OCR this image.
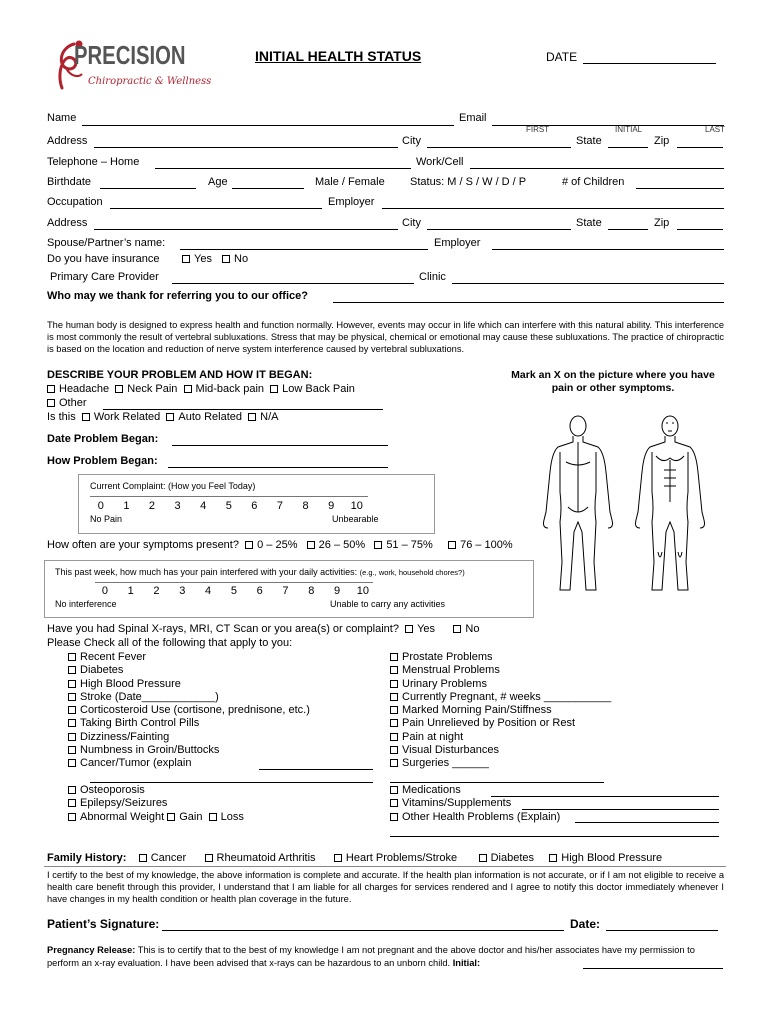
PRECISION
Chiropractic & Wellness
INITIAL HEALTH STATUS	DATE
Name	Email
FIRST	INITIAL	LAST
Address	City	State	Zip
Telephone – Home	Work/Cell
Birthdate	Age	Male / Female Status: M / S / W / D / P	# of Children
Occupation	Employer
Address	City	State	Zip
Spouse/Partner’s name:	Employer
Do you have insurance	Yes	No
Primary Care Provider	Clinic
Who may we thank for referring you to our office?
The human body is designed to express health and function normally. However, events may occur in life which can interfere with this natural ability. This interference is most commonly the result of vertebral subluxations. Stress that may be physical, chemical or emotional may cause these subluxations. The practice of chiropractic is based on the location and reduction of nerve system interference caused by vertebral subluxations.
DESCRIBE YOUR PROBLEM AND HOW IT BEGAN:
Headache Neck Pain Mid-back pain Low Back Pain
Other
Is this Work Related Auto Related N/A
Date Problem Began:
How Problem Began:
Mark an X on the picture where you have pain or other symptoms.
Current Complaint: (How you Feel Today)
0 1 2 3 4 5 6 7 8 9 10
No Pain	Unbearable
How often are your symptoms present? 0 – 25% 26 – 50% 51 – 75% 76 – 100%
This past week, how much has your pain interfered with your daily activities: (e.g., work, household chores?)
0 1 2 3 4 5 6 7 8 9 10
No interference	Unable to carry any activities
Have you had Spinal X-rays, MRI, CT Scan or you area(s) or complaint? Yes	No
Please Check all of the following that apply to you:
Recent Fever
Diabetes
High Blood Pressure
Stroke (Date____________)
Corticosteroid Use (cortisone, prednisone, etc.)
Taking Birth Control Pills
Dizziness/Fainting
Numbness in Groin/Buttocks
Cancer/Tumor (explain
Prostate Problems
Menstrual Problems
Urinary Problems
Currently Pregnant, # weeks ___________
Marked Morning Pain/Stiffness
Pain Unrelieved by Position or Rest
Pain at night
Visual Disturbances
Surgeries ______
Osteoporosis
Epilepsy/Seizures
Abnormal Weight Gain Loss
Medications
Vitamins/Supplements
Other Health Problems (Explain)
Family History: Cancer	Rheumatoid Arthritis	Heart Problems/Stroke	Diabetes High Blood Pressure
I certify to the best of my knowledge, the above information is complete and accurate. If the health plan information is not accurate, or if I am not eligible to receive a health care benefit through this provider, I understand that I am liable for all charges for services rendered and I agree to notify this doctor immediately whenever I have changes in my health condition or health plan coverage in the future.
Patient’s Signature:	Date:
Pregnancy Release: This is to certify that to the best of my knowledge I am not pregnant and the above doctor and his/her associates have my permission to perform an x-ray evaluation. I have been advised that x-rays can be hazardous to an unborn child. Initial:
